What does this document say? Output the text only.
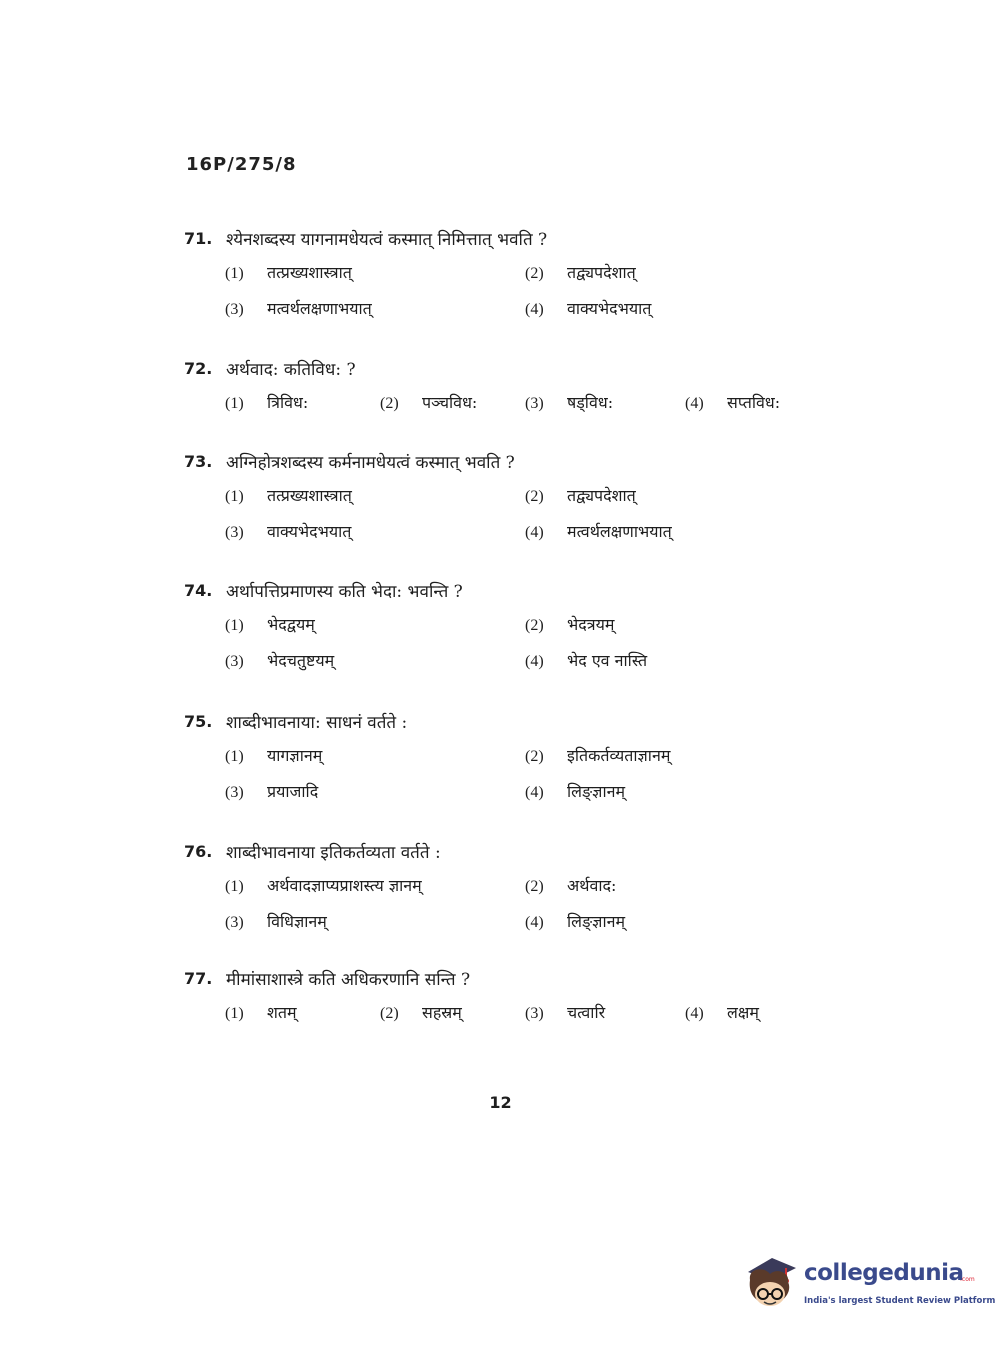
16P/275/8
71. श्येनशब्दस्य यागनामधेयत्वं कस्मात् निमित्तात् भवति ?
(1) तत्प्रख्यशास्त्रात्	(2) तद्व्यपदेशात्
(3) मत्वर्थलक्षणाभयात्	(4) वाक्यभेदभयात्
72. अर्थवाद: कतिविध: ?
(1) त्रिविध:	(2) पञ्चविध:	(3) षड्विध:	(4) सप्तविध:
73. अग्निहोत्रशब्दस्य कर्मनामधेयत्वं कस्मात् भवति ?
(1) तत्प्रख्यशास्त्रात्	(2) तद्व्यपदेशात्
(3) वाक्यभेदभयात्	(4) मत्वर्थलक्षणाभयात्
74. अर्थापत्तिप्रमाणस्य कति भेदा: भवन्ति ?
(1) भेदद्वयम्	(2) भेदत्रयम्
(3) भेदचतुष्टयम्	(4) भेद एव नास्ति
75. शाब्दीभावनाया: साधनं वर्तते :
(1) यागज्ञानम्	(2) इतिकर्तव्यताज्ञानम्
(3) प्रयाजादि	(4) लिङ्ज्ञानम्
76. शाब्दीभावनाया इतिकर्तव्यता वर्तते :
(1) अर्थवादज्ञाप्यप्राशस्त्य ज्ञानम्	(2) अर्थवाद:
(3) विधिज्ञानम्	(4) लिङ्ज्ञानम्
77. मीमांसाशास्त्रे कति अधिकरणानि सन्ति ?
(1) शतम्	(2) सहस्रम्	(3) चत्वारि	(4) लक्षम्
12
collegedunia
.com
India's largest Student Review Platform
